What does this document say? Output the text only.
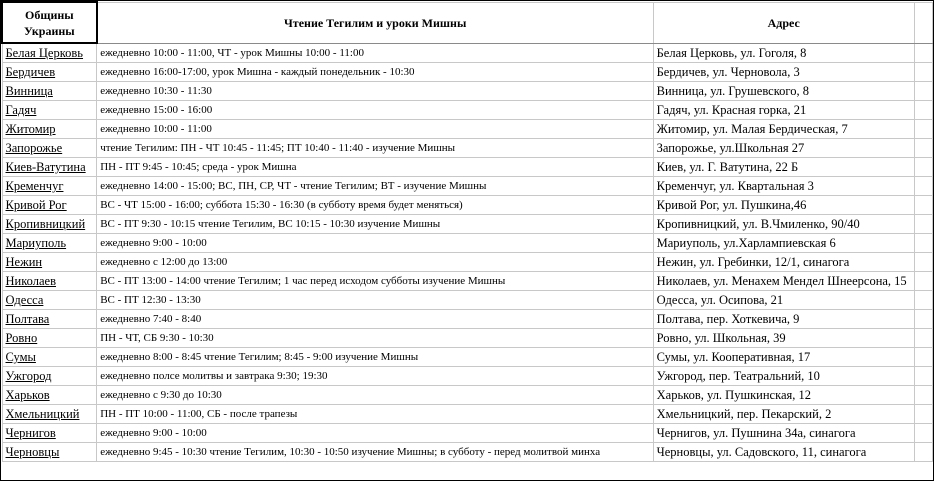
Общины Украины	Чтение Тегилим и уроки Мишны	Адрес	
Белая Церковь	ежедневно 10:00 - 11:00, ЧТ - урок Мишны 10:00 - 11:00	Белая Церковь, ул. Гоголя, 8	
Бердичев	ежедневно 16:00-17:00, урок Мишна - каждый понедельник - 10:30	Бердичев, ул. Черновола, 3	
Винница	ежедневно 10:30 - 11:30	Винница, ул. Грушевского, 8	
Гадяч	ежедневно 15:00 - 16:00	Гадяч, ул. Красная горка, 21	
Житомир	ежедневно 10:00 - 11:00	Житомир, ул. Малая Бердическая, 7	
Запорожье	чтение Тегилим: ПН - ЧТ 10:45 - 11:45; ПТ 10:40 - 11:40 - изучение Мишны	Запорожье, ул.Школьная 27	
Киев-Ватутина	ПН - ПТ 9:45 - 10:45; среда - урок Мишна	Киев, ул. Г. Ватутина, 22 Б	
Кременчуг	ежедневно 14:00 - 15:00; ВС, ПН, СР, ЧТ - чтение Тегилим; ВТ - изучение Мишны	Кременчуг, ул. Квартальная 3	
Кривой Рог	ВС - ЧТ 15:00 - 16:00; суббота 15:30 - 16:30 (в субботу время будет меняться)	Кривой Рог, ул. Пушкина,46	
Кропивницкий	ВС - ПТ 9:30 - 10:15 чтение Тегилим, ВС 10:15 - 10:30 изучение Мишны	Кропивницкий, ул. В.Чмиленко, 90/40	
Мариуполь	ежедневно 9:00 - 10:00	Мариуполь, ул.Харлампиевская 6	
Нежин	ежедневно с 12:00 до 13:00	Нежин, ул. Гребинки, 12/1, синагога	
Николаев	ВС - ПТ 13:00 - 14:00 чтение Тегилим; 1 час перед исходом субботы изучение Мишны	Николаев, ул. Менахем Мендел Шнеерсона, 15	
Одесса	ВС - ПТ 12:30 - 13:30	Одесса, ул. Осипова, 21	
Полтава	ежедневно 7:40 - 8:40	Полтава, пер. Хоткевича, 9	
Ровно	ПН - ЧТ, СБ 9:30 - 10:30	Ровно, ул. Школьная, 39	
Сумы	ежедневно 8:00 - 8:45 чтение Тегилим; 8:45 - 9:00 изучение Мишны	Сумы, ул. Кооперативная, 17	
Ужгород	ежедневно полсе молитвы и завтрака 9:30; 19:30	Ужгород, пер. Театральний, 10	
Харьков	ежедневно с 9:30 до 10:30	Харьков, ул. Пушкинская, 12	
Хмельницкий	ПН - ПТ 10:00 - 11:00, СБ - после трапезы	Хмельницкий, пер. Пекарский, 2	
Чернигов	ежедневно 9:00 - 10:00	Чернигов, ул. Пушнина 34а, синагога	
Черновцы	ежедневно 9:45 - 10:30 чтение Тегилим, 10:30 - 10:50 изучение Мишны; в субботу - перед молитвой минха	Черновцы, ул. Садовского, 11, синагога	
